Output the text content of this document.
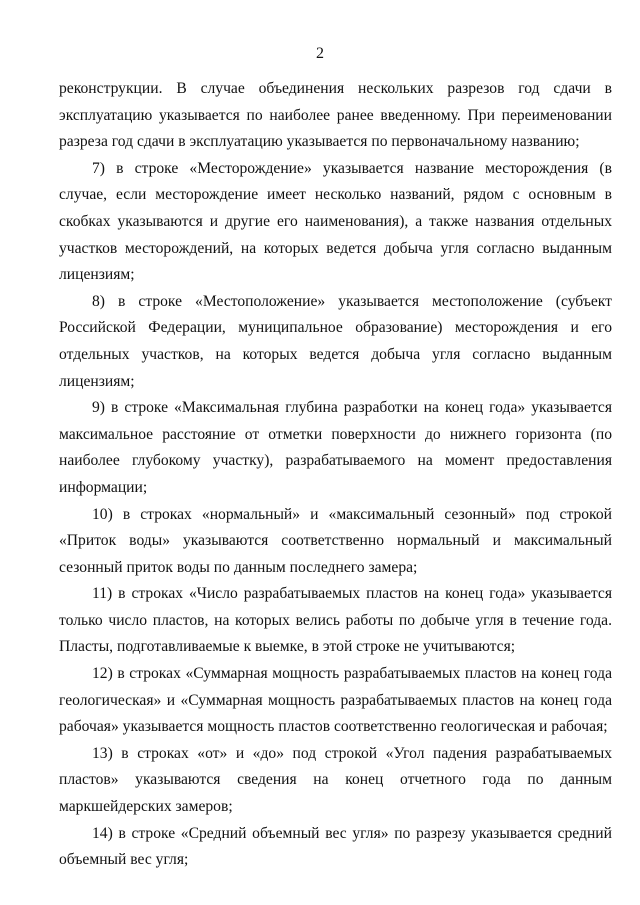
2

реконструкции. В случае объединения нескольких разрезов год сдачи в эксплуатацию указывается по наиболее ранее введенному. При переименовании разреза год сдачи в эксплуатацию указывается по первоначальному названию;

7) в строке «Месторождение» указывается название месторождения (в случае, если месторождение имеет несколько названий, рядом с основным в скобках указываются и другие его наименования), а также названия отдельных участков месторождений, на которых ведется добыча угля согласно выданным лицензиям;

8) в строке «Местоположение» указывается местоположение (субъект Российской Федерации, муниципальное образование) месторождения и его отдельных участков, на которых ведется добыча угля согласно выданным лицензиям;

9) в строке «Максимальная глубина разработки на конец года» указывается максимальное расстояние от отметки поверхности до нижнего горизонта (по наиболее глубокому участку), разрабатываемого на момент предоставления информации;

10) в строках «нормальный» и «максимальный сезонный» под строкой «Приток воды» указываются соответственно нормальный и максимальный сезонный приток воды по данным последнего замера;

11) в строках «Число разрабатываемых пластов на конец года» указывается только число пластов, на которых велись работы по добыче угля в течение года. Пласты, подготавливаемые к выемке, в этой строке не учитываются;

12) в строках «Суммарная мощность разрабатываемых пластов на конец года геологическая» и «Суммарная мощность разрабатываемых пластов на конец года рабочая» указывается мощность пластов соответственно геологическая и рабочая;

13) в строках «от» и «до» под строкой «Угол падения разрабатываемых пластов» указываются сведения на конец отчетного года по данным маркшейдерских замеров;

14) в строке «Средний объемный вес угля» по разрезу указывается средний объемный вес угля;
